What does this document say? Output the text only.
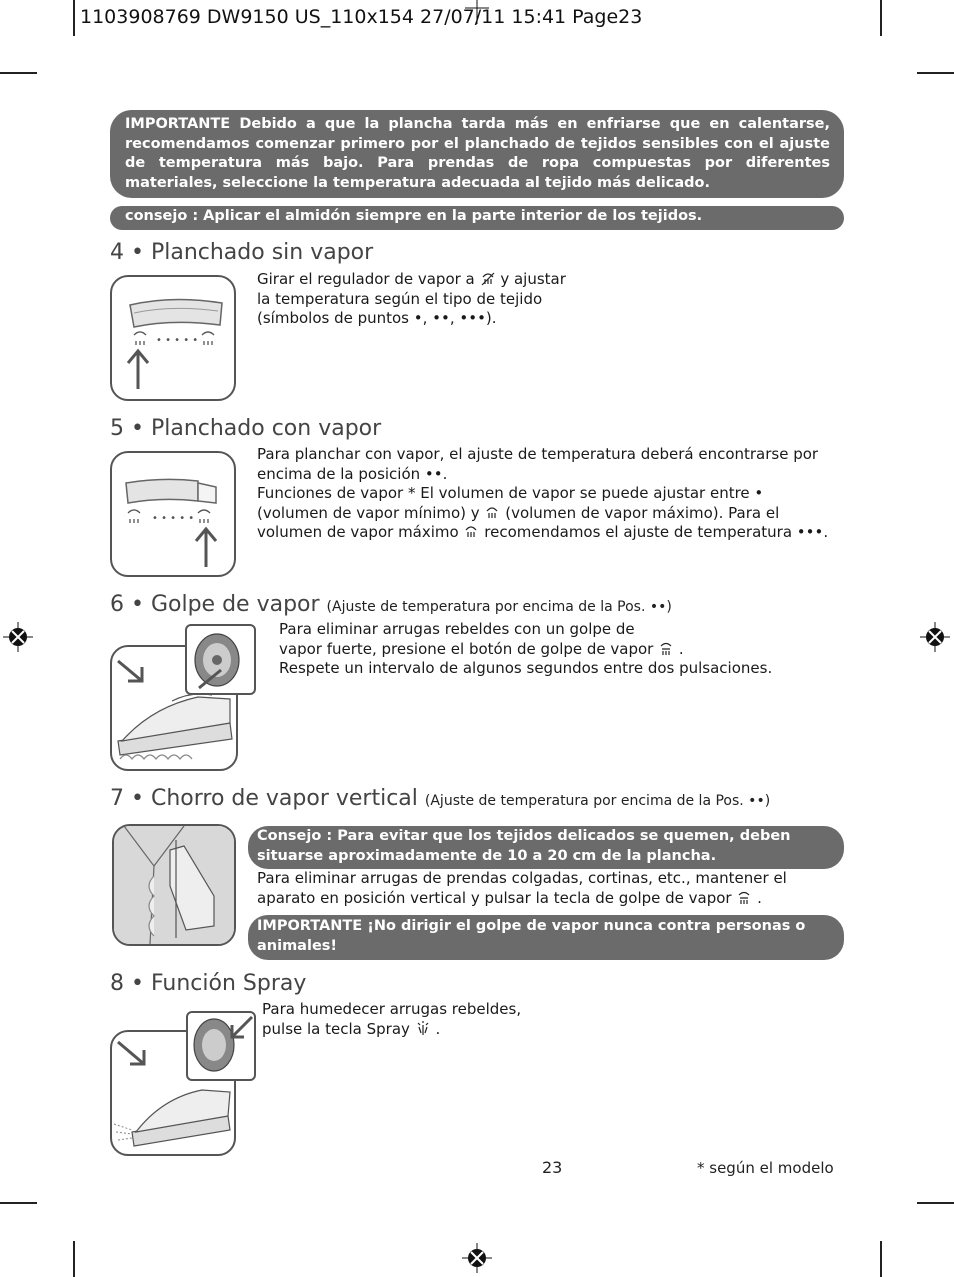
1103908769 DW9150 US_110x154 27/07/11 15:41 Page23
IMPORTANTE Debido a que la plancha tarda más en enfriarse que en calentarse, recomendamos comenzar primero por el planchado de tejidos sensibles con el ajuste de temperatura más bajo. Para prendas de ropa compuestas por diferentes materiales, seleccione la temperatura adecuada al tejido más delicado.
consejo : Aplicar el almidón siempre en la parte interior de los tejidos.
4 • Planchado sin vapor
• • • • •
Girar el regulador de vapor a y ajustar
la temperatura según el tipo de tejido
(símbolos de puntos •, ••, •••).
5 • Planchado con vapor
• • • • •
Para planchar con vapor, el ajuste de temperatura deberá encontrarse por encima de la posición ••.
Funciones de vapor * El volumen de vapor se puede ajustar entre • (volumen de vapor mínimo) y (volumen de vapor máximo). Para el volumen de vapor máximo recomendamos el ajuste de temperatura •••.
6 • Golpe de vapor (Ajuste de temperatura por encima de la Pos. ••)
Para eliminar arrugas rebeldes con un golpe de
vapor fuerte, presione el botón de golpe de vapor  .
Respete un intervalo de algunos segundos entre dos pulsaciones.
7 • Chorro de vapor vertical (Ajuste de temperatura por encima de la Pos. ••)
Consejo : Para evitar que los tejidos delicados se quemen, deben situarse aproximadamente de 10 a 20 cm de la plancha.
Para eliminar arrugas de prendas colgadas, cortinas, etc., mantener el aparato en posición vertical y pulsar la tecla de golpe de vapor  .
IMPORTANTE ¡No dirigir el golpe de vapor nunca contra personas o animales!
8 • Función Spray
Para humedecer arrugas rebeldes,
pulse la tecla Spray  .
23	* según el modelo
